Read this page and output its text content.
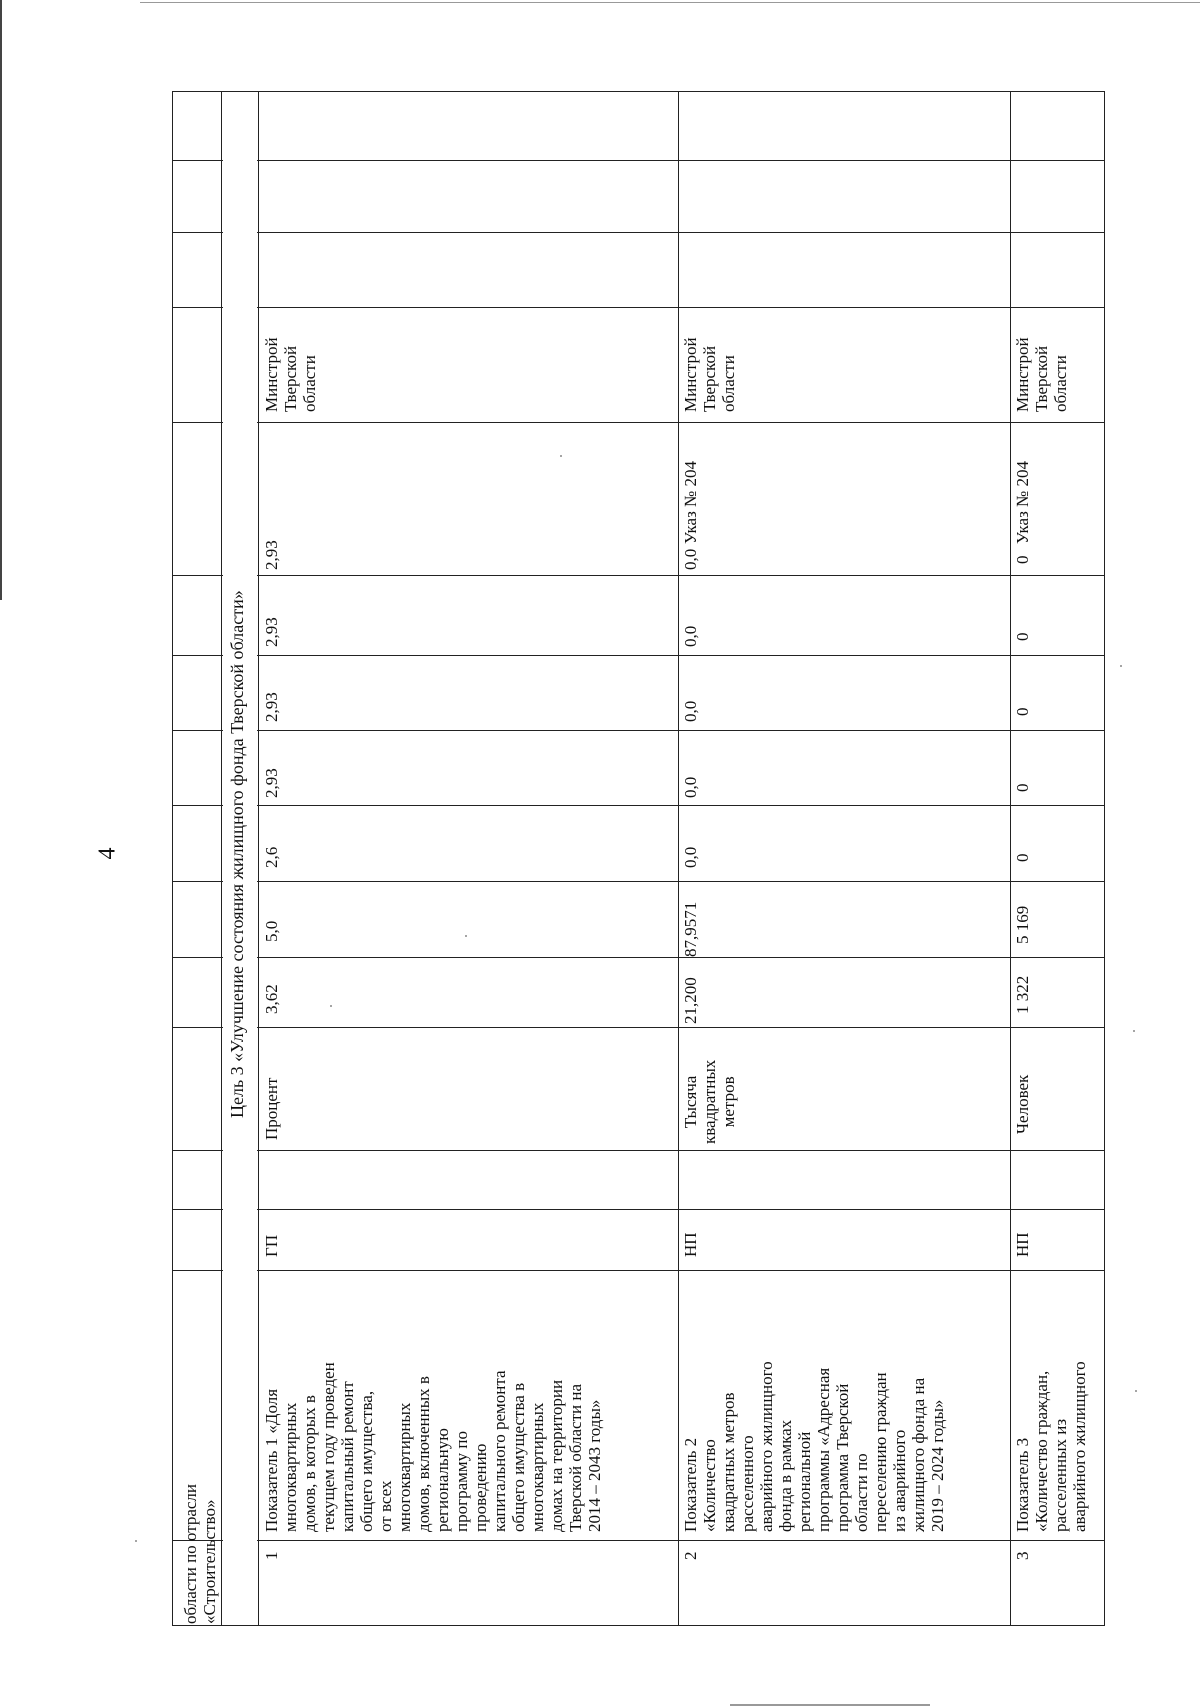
4
области по отрасли «Строительство»
Цель 3 «Улучшение состояния жилищного фонда Тверской области»
1
Показатель 1 «Доля многоквартирных домов, в которых в текущем году проведен капитальный ремонт общего имущества, от всех многоквартирных домов, включенных в региональную программу по проведению капитального ремонта общего имущества в многоквартирных домах на территории Тверской области на 2014 – 2043 годы»
ГП
Процент
3,62
5,0
2,6
2,93
2,93
2,93
2,93
Минстрой Тверской области
2
Показатель 2 «Количество квадратных метров расселенного аварийного жилищного фонда в рамках региональной программы «Адресная программа Тверской области по переселению граждан из аварийного жилищного фонда на 2019 – 2024 годы»
НП
Тысяча квадратных метров
21,200
87,9571
0,0
0,0
0,0
0,0
0,0
Указ № 204
Минстрой Тверской области
3
Показатель 3 «Количество граждан, расселенных из аварийного жилищного
НП
Человек
1 322
5 169
0
0
0
0
0
Указ № 204
Минстрой Тверской области
